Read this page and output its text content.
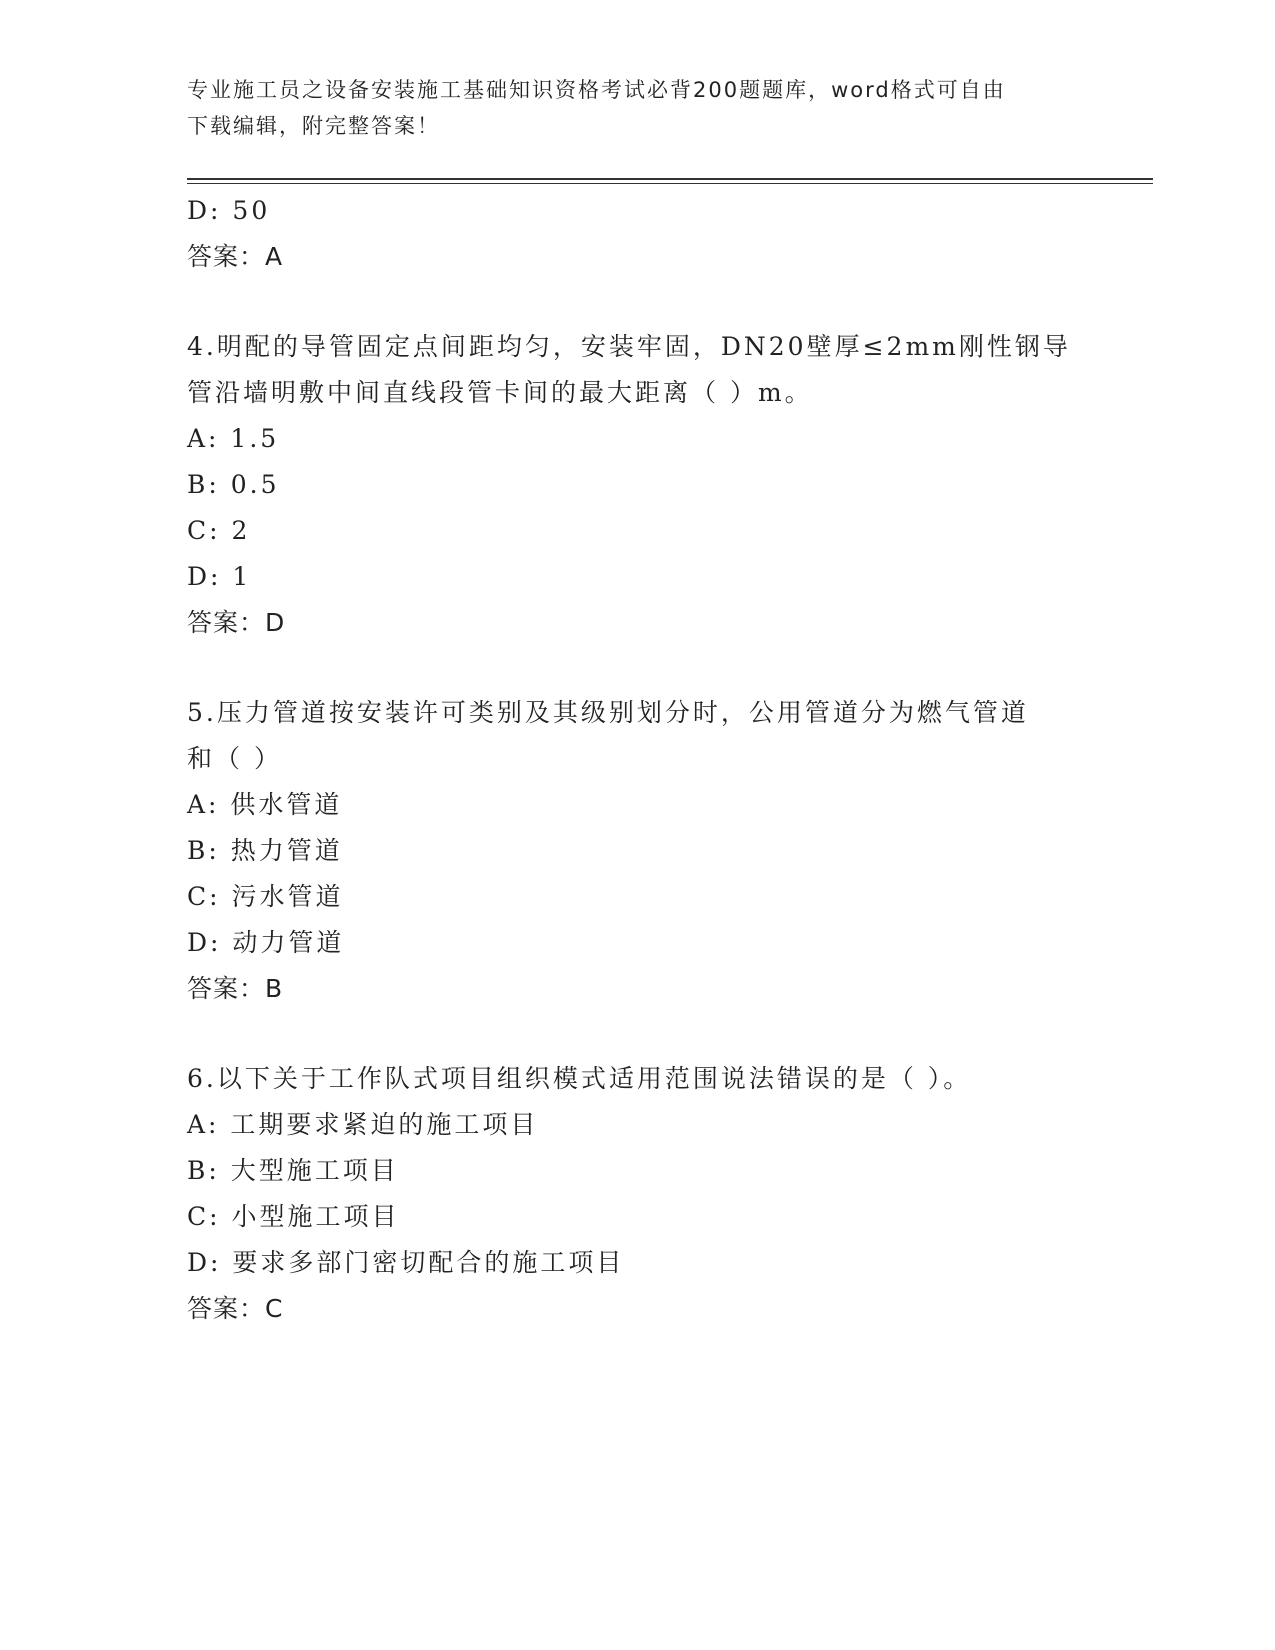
专业施工员之设备安装施工基础知识资格考试必背200题题库，word格式可自由
下载编辑，附完整答案！
D: 50
答案：A
4.明配的导管固定点间距均匀，安装牢固，DN20壁厚≤2mm刚性钢导
管沿墙明敷中间直线段管卡间的最大距离（ ）m。
A: 1.5
B: 0.5
C: 2
D: 1
答案：D
5.压力管道按安装许可类别及其级别划分时，公用管道分为燃气管道
和（ ）
A: 供水管道
B: 热力管道
C: 污水管道
D: 动力管道
答案：B
6.以下关于工作队式项目组织模式适用范围说法错误的是（ ）。
A: 工期要求紧迫的施工项目
B: 大型施工项目
C: 小型施工项目
D: 要求多部门密切配合的施工项目
答案：C
